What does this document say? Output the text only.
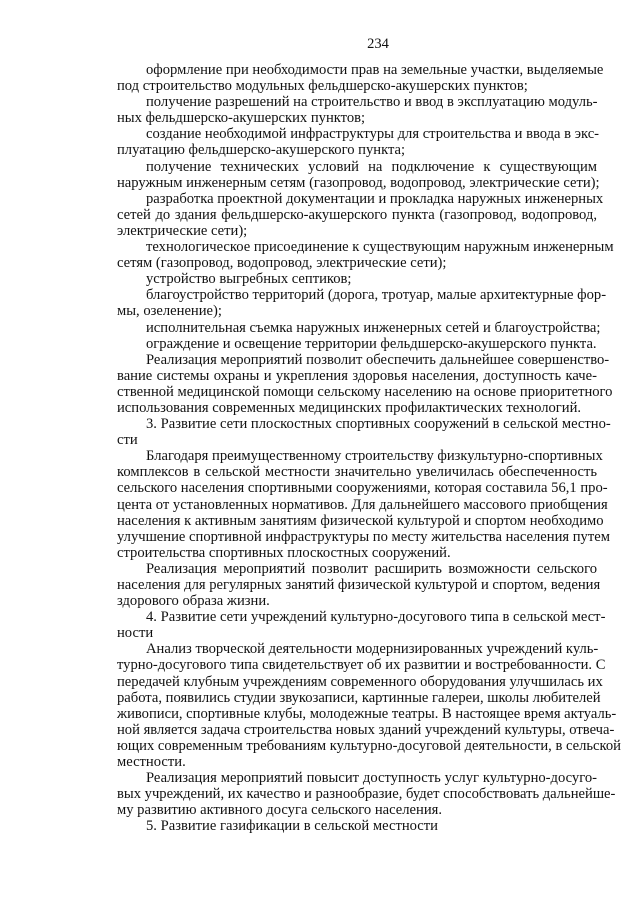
234
оформление при необходимости прав на земельные участки, выделяемые
под строительство модульных фельдшерско-акушерских пунктов;
получение разрешений на строительство и ввод в эксплуатацию модуль-
ных фельдшерско-акушерских пунктов;
создание необходимой инфраструктуры для строительства и ввода в экс-
плуатацию фельдшерско-акушерского пункта;
получение технических условий на подключение к существующим
наружным инженерным сетям (газопровод, водопровод, электрические сети);
разработка проектной документации и прокладка наружных инженерных
сетей до здания фельдшерско-акушерского пункта (газопровод, водопровод,
электрические сети);
технологическое присоединение к существующим наружным инженерным
сетям (газопровод, водопровод, электрические сети);
устройство выгребных септиков;
благоустройство территорий (дорога, тротуар, малые архитектурные фор-
мы, озеленение);
исполнительная съемка наружных инженерных сетей и благоустройства;
ограждение и освещение территории фельдшерско-акушерского пункта.
Реализация мероприятий позволит обеспечить дальнейшее совершенство-
вание системы охраны и укрепления здоровья населения, доступность каче-
ственной медицинской помощи сельскому населению на основе приоритетного
использования современных медицинских профилактических технологий.
3. Развитие сети плоскостных спортивных сооружений в сельской местно-
сти
Благодаря преимущественному строительству физкультурно-спортивных
комплексов в сельской местности значительно увеличилась обеспеченность
сельского населения спортивными сооружениями, которая составила 56,1 про-
цента от установленных нормативов. Для дальнейшего массового приобщения
населения к активным занятиям физической культурой и спортом необходимо
улучшение спортивной инфраструктуры по месту жительства населения путем
строительства спортивных плоскостных сооружений.
Реализация мероприятий позволит расширить возможности сельского
населения для регулярных занятий физической культурой и спортом, ведения
здорового образа жизни.
4. Развитие сети учреждений культурно-досугового типа в сельской мест-
ности
Анализ творческой деятельности модернизированных учреждений куль-
турно-досугового типа свидетельствует об их развитии и востребованности. С
передачей клубным учреждениям современного оборудования улучшилась их
работа, появились студии звукозаписи, картинные галереи, школы любителей
живописи, спортивные клубы, молодежные театры. В настоящее время актуаль-
ной является задача строительства новых зданий учреждений культуры, отвеча-
ющих современным требованиям культурно-досуговой деятельности, в сельской
местности.
Реализация мероприятий повысит доступность услуг культурно-досуго-
вых учреждений, их качество и разнообразие, будет способствовать дальнейше-
му развитию активного досуга сельского населения.
5. Развитие газификации в сельской местности
